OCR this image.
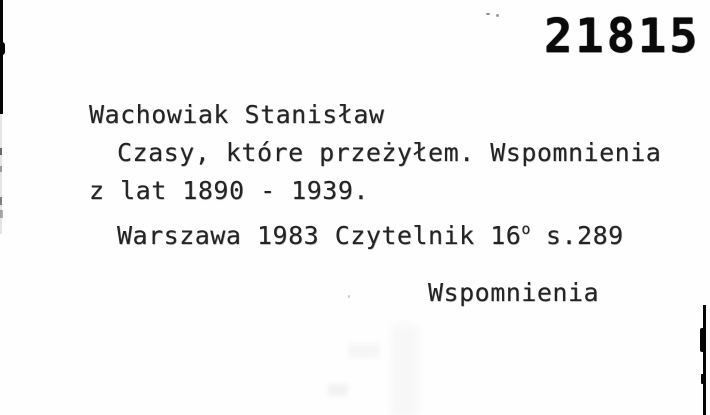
21815
Wachowiak Stanisław
Czasy, które przeżyłem. Wspomnienia
z lat 1890 - 1939.
Warszawa 1983 Czytelnik 16$^o$ s.289
Wspomnienia
